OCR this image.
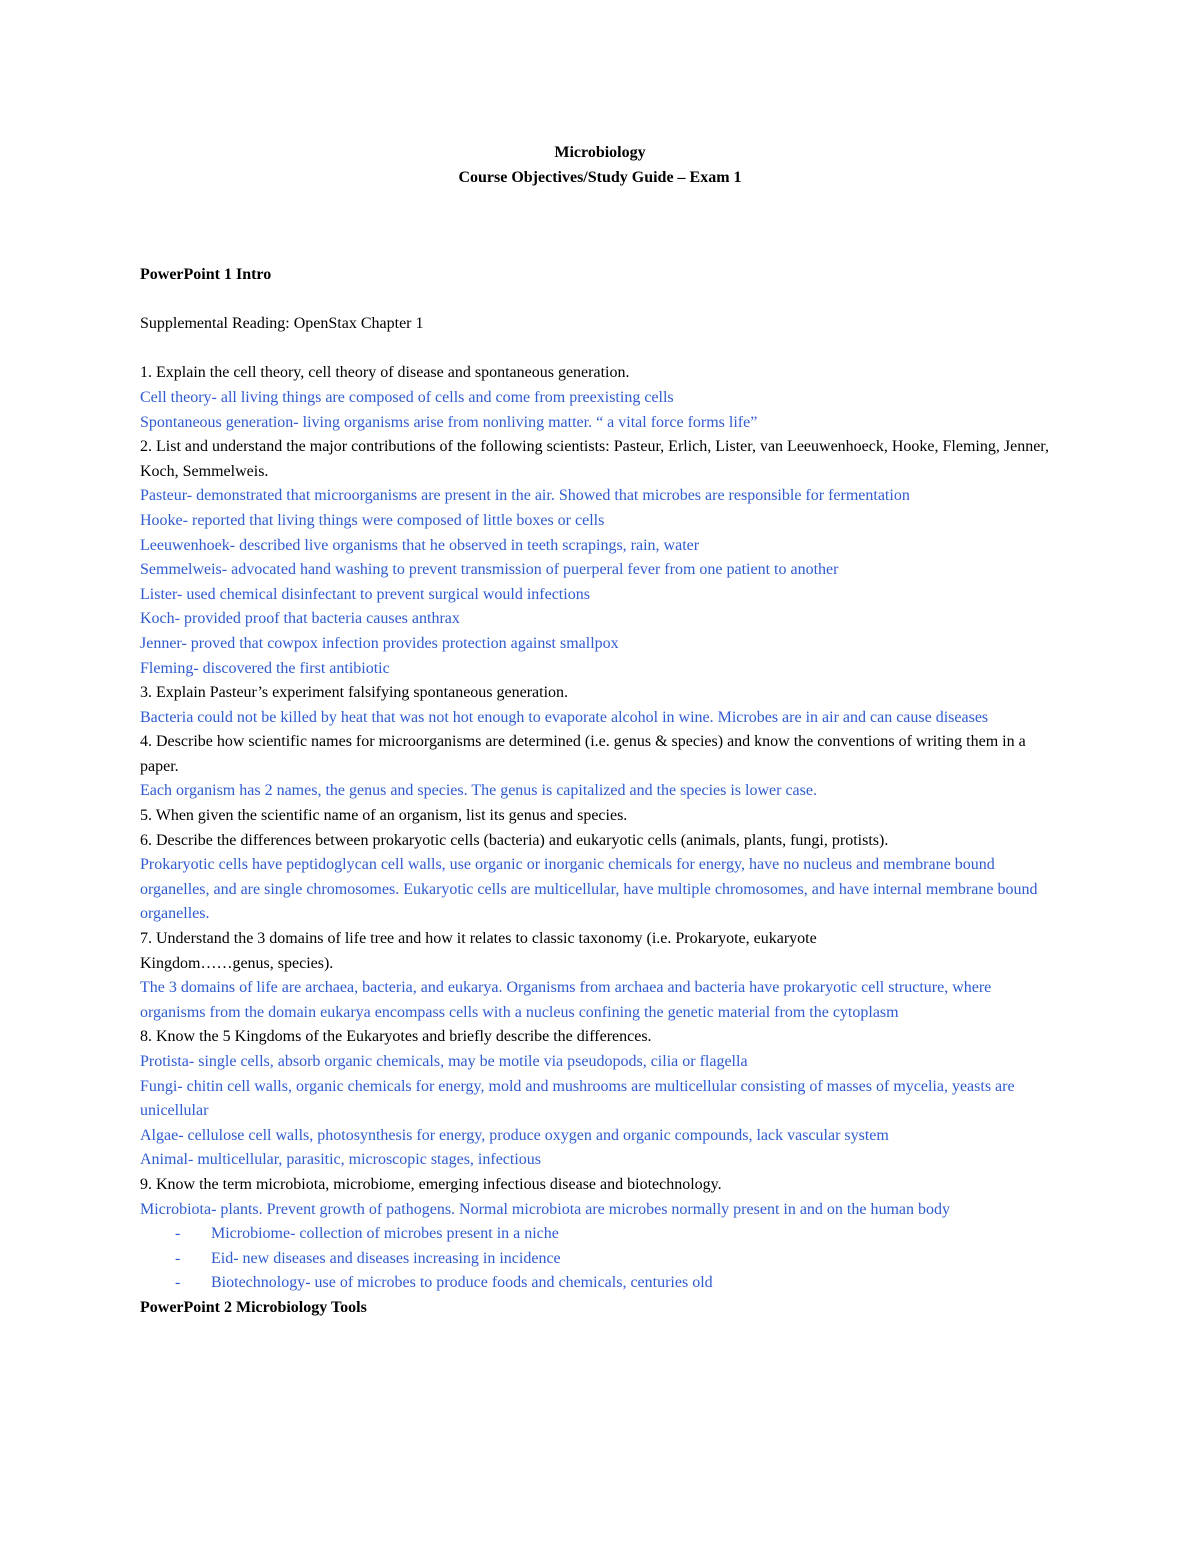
Microbiology
Course Objectives/Study Guide – Exam 1
PowerPoint 1 Intro
Supplemental Reading: OpenStax Chapter 1
1. Explain the cell theory, cell theory of disease and spontaneous generation.
Cell theory- all living things are composed of cells and come from preexisting cells
Spontaneous generation- living organisms arise from nonliving matter. “ a vital force forms life”
2. List and understand the major contributions of the following scientists: Pasteur, Erlich, Lister, van Leeuwenhoeck, Hooke, Fleming, Jenner, Koch, Semmelweis.
Pasteur- demonstrated that microorganisms are present in the air. Showed that microbes are responsible for fermentation
Hooke- reported that living things were composed of little boxes or cells
Leeuwenhoek- described live organisms that he observed in teeth scrapings, rain, water
Semmelweis- advocated hand washing to prevent transmission of puerperal fever from one patient to another
Lister- used chemical disinfectant to prevent surgical would infections
Koch- provided proof that bacteria causes anthrax
Jenner- proved that cowpox infection provides protection against smallpox
Fleming- discovered the first antibiotic
3. Explain Pasteur’s experiment falsifying spontaneous generation.
Bacteria could not be killed by heat that was not hot enough to evaporate alcohol in wine. Microbes are in air and can cause diseases
4. Describe how scientific names for microorganisms are determined (i.e. genus & species) and know the conventions of writing them in a paper.
Each organism has 2 names, the genus and species. The genus is capitalized and the species is lower case.
5. When given the scientific name of an organism, list its genus and species.
6. Describe the differences between prokaryotic cells (bacteria) and eukaryotic cells (animals, plants, fungi, protists).
Prokaryotic cells have peptidoglycan cell walls, use organic or inorganic chemicals for energy, have no nucleus and membrane bound organelles, and are single chromosomes. Eukaryotic cells are multicellular, have multiple chromosomes, and have internal membrane bound organelles.
7. Understand the 3 domains of life tree and how it relates to classic taxonomy (i.e. Prokaryote, eukaryote
Kingdom……genus, species).
The 3 domains of life are archaea, bacteria, and eukarya. Organisms from archaea and bacteria have prokaryotic cell structure, where organisms from the domain eukarya encompass cells with a nucleus confining the genetic material from the cytoplasm
8. Know the 5 Kingdoms of the Eukaryotes and briefly describe the differences.
Protista- single cells, absorb organic chemicals, may be motile via pseudopods, cilia or flagella
Fungi- chitin cell walls, organic chemicals for energy, mold and mushrooms are multicellular consisting of masses of mycelia, yeasts are unicellular
Algae- cellulose cell walls, photosynthesis for energy, produce oxygen and organic compounds, lack vascular system
Animal- multicellular, parasitic, microscopic stages, infectious
9. Know the term microbiota, microbiome, emerging infectious disease and biotechnology.
Microbiota- plants. Prevent growth of pathogens. Normal microbiota are microbes normally present in and on the human body
- Microbiome- collection of microbes present in a niche
- Eid- new diseases and diseases increasing in incidence
- Biotechnology- use of microbes to produce foods and chemicals, centuries old
PowerPoint 2 Microbiology Tools
